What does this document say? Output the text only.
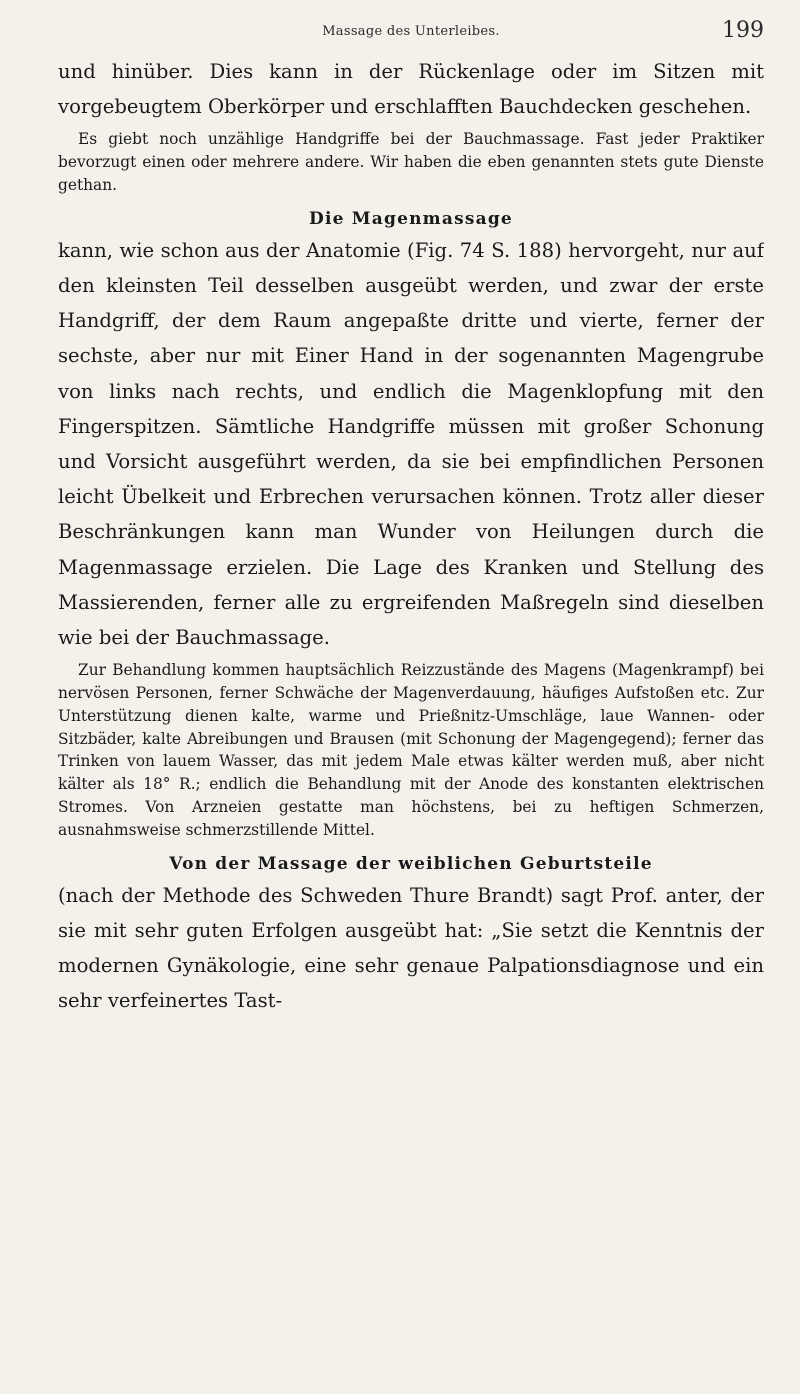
Massage des Unterleibes.	199

und hinüber. Dies kann in der Rückenlage oder im Sitzen mit vorgebeugtem Oberkörper und erschlafften Bauchdecken geschehen.

Es giebt noch unzählige Handgriffe bei der Bauchmassage. Fast jeder Praktiker bevorzugt einen oder mehrere andere. Wir haben die eben genannten stets gute Dienste gethan.

Die Magenmassage

kann, wie schon aus der Anatomie (Fig. 74 S. 188) hervorgeht, nur auf den kleinsten Teil desselben ausgeübt werden, und zwar der erste Handgriff, der dem Raum angepaßte dritte und vierte, ferner der sechste, aber nur mit Einer Hand in der sogenannten Magengrube von links nach rechts, und endlich die Magenklopfung mit den Fingerspitzen. Sämtliche Handgriffe müssen mit großer Schonung und Vorsicht ausgeführt werden, da sie bei empfindlichen Personen leicht Übelkeit und Erbrechen verursachen können. Trotz aller dieser Beschränkungen kann man Wunder von Heilungen durch die Magenmassage erzielen. Die Lage des Kranken und Stellung des Massierenden, ferner alle zu ergreifenden Maßregeln sind dieselben wie bei der Bauchmassage.

Zur Behandlung kommen hauptsächlich Reizzustände des Magens (Magenkrampf) bei nervösen Personen, ferner Schwäche der Magenverdauung, häufiges Aufstoßen etc. Zur Unterstützung dienen kalte, warme und Prießnitz-Umschläge, laue Wannen- oder Sitzbäder, kalte Abreibungen und Brausen (mit Schonung der Magengegend); ferner das Trinken von lauem Wasser, das mit jedem Male etwas kälter werden muß, aber nicht kälter als 18° R.; endlich die Behandlung mit der Anode des konstanten elektrischen Stromes. Von Arzneien gestatte man höchstens, bei zu heftigen Schmerzen, ausnahmsweise schmerzstillende Mittel.

Von der Massage der weiblichen Geburtsteile

(nach der Methode des Schweden Thure Brandt) sagt Prof. anter, der sie mit sehr guten Erfolgen ausgeübt hat: „Sie setzt die Kenntnis der modernen Gynäkologie, eine sehr genaue Palpationsdiagnose und ein sehr verfeinertes Tast-
